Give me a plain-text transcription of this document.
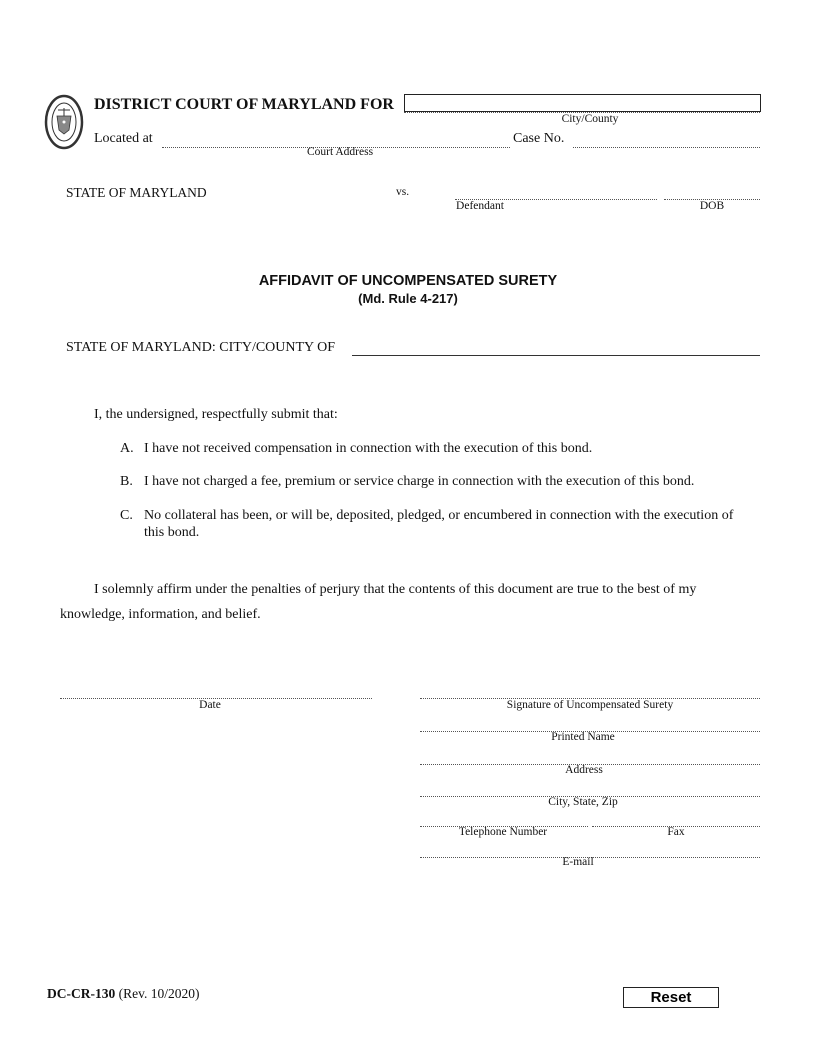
DISTRICT COURT OF MARYLAND FOR
City/County
Located at
Court Address
Case No.
STATE OF MARYLAND	vs.
Defendant	DOB
AFFIDAVIT OF UNCOMPENSATED SURETY
(Md. Rule 4-217)
STATE OF MARYLAND: CITY/COUNTY OF
I, the undersigned, respectfully submit that:
A. I have not received compensation in connection with the execution of this bond.
B. I have not charged a fee, premium or service charge in connection with the execution of this bond.
C. No collateral has been, or will be, deposited, pledged, or encumbered in connection with the execution of
this bond.
I solemnly affirm under the penalties of perjury that the contents of this document are true to the best of my
knowledge, information, and belief.
Date	Signature of Uncompensated Surety
Printed Name
Address
City, State, Zip
Telephone Number	Fax
E-mail
DC-CR-130 (Rev. 10/2020)	Reset
